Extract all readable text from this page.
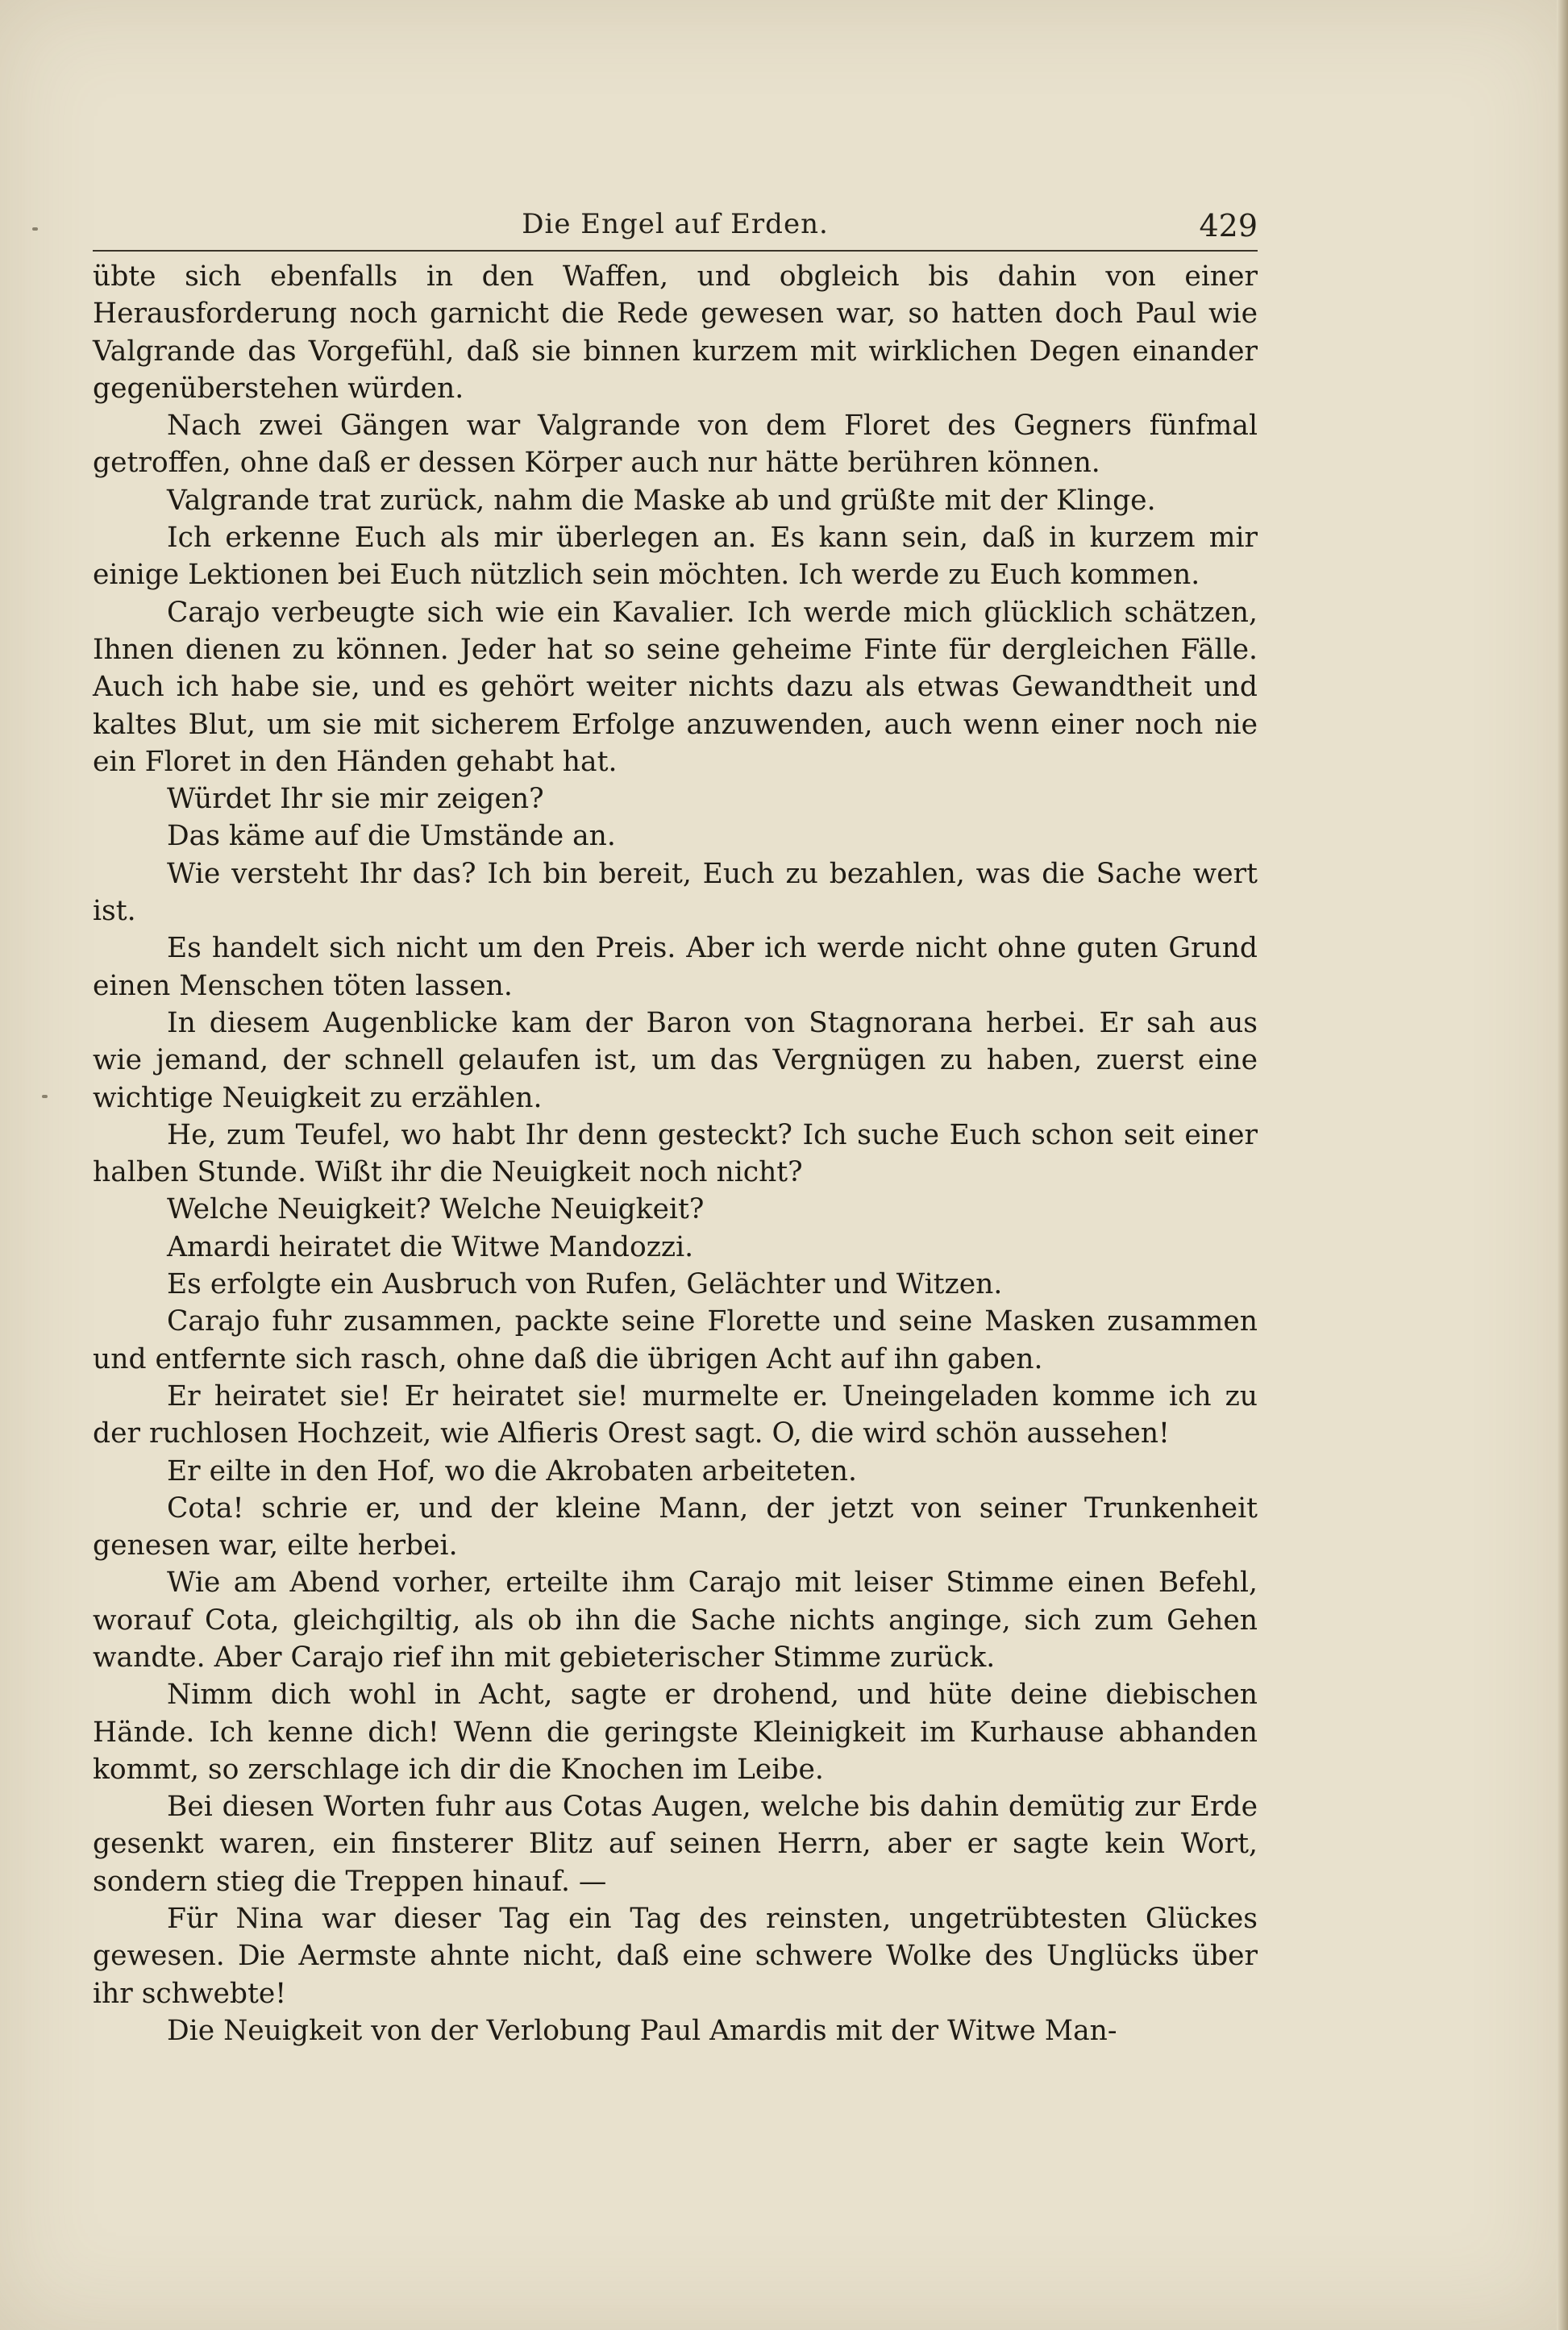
Die Engel auf Erden.	429

übte sich ebenfalls in den Waffen, und obgleich bis dahin von einer Herausforderung noch garnicht die Rede gewesen war, so hatten doch Paul wie Valgrande das Vorgefühl, daß sie binnen kurzem mit wirklichen Degen einander gegenüberstehen würden.

Nach zwei Gängen war Valgrande von dem Floret des Gegners fünfmal getroffen, ohne daß er dessen Körper auch nur hätte berühren können.

Valgrande trat zurück, nahm die Maske ab und grüßte mit der Klinge.

Ich erkenne Euch als mir überlegen an. Es kann sein, daß in kurzem mir einige Lektionen bei Euch nützlich sein möchten. Ich werde zu Euch kommen.

Carajo verbeugte sich wie ein Kavalier. Ich werde mich glücklich schätzen, Ihnen dienen zu können. Jeder hat so seine geheime Finte für dergleichen Fälle. Auch ich habe sie, und es gehört weiter nichts dazu als etwas Gewandtheit und kaltes Blut, um sie mit sicherem Erfolge anzuwenden, auch wenn einer noch nie ein Floret in den Händen gehabt hat.

Würdet Ihr sie mir zeigen?

Das käme auf die Umstände an.

Wie versteht Ihr das? Ich bin bereit, Euch zu bezahlen, was die Sache wert ist.

Es handelt sich nicht um den Preis. Aber ich werde nicht ohne guten Grund einen Menschen töten lassen.

In diesem Augenblicke kam der Baron von Stagnorana herbei. Er sah aus wie jemand, der schnell gelaufen ist, um das Vergnügen zu haben, zuerst eine wichtige Neuigkeit zu erzählen.

He, zum Teufel, wo habt Ihr denn gesteckt? Ich suche Euch schon seit einer halben Stunde. Wißt ihr die Neuigkeit noch nicht?

Welche Neuigkeit? Welche Neuigkeit?

Amardi heiratet die Witwe Mandozzi.

Es erfolgte ein Ausbruch von Rufen, Gelächter und Witzen.

Carajo fuhr zusammen, packte seine Florette und seine Masken zusammen und entfernte sich rasch, ohne daß die übrigen Acht auf ihn gaben.

Er heiratet sie! Er heiratet sie! murmelte er. Uneingeladen komme ich zu der ruchlosen Hochzeit, wie Alfieris Orest sagt. O, die wird schön aussehen!

Er eilte in den Hof, wo die Akrobaten arbeiteten.

Cota! schrie er, und der kleine Mann, der jetzt von seiner Trunkenheit genesen war, eilte herbei.

Wie am Abend vorher, erteilte ihm Carajo mit leiser Stimme einen Befehl, worauf Cota, gleichgiltig, als ob ihn die Sache nichts anginge, sich zum Gehen wandte. Aber Carajo rief ihn mit gebieterischer Stimme zurück.

Nimm dich wohl in Acht, sagte er drohend, und hüte deine diebischen Hände. Ich kenne dich! Wenn die geringste Kleinigkeit im Kurhause abhanden kommt, so zerschlage ich dir die Knochen im Leibe.

Bei diesen Worten fuhr aus Cotas Augen, welche bis dahin demütig zur Erde gesenkt waren, ein finsterer Blitz auf seinen Herrn, aber er sagte kein Wort, sondern stieg die Treppen hinauf. —

Für Nina war dieser Tag ein Tag des reinsten, ungetrübtesten Glückes gewesen. Die Aermste ahnte nicht, daß eine schwere Wolke des Unglücks über ihr schwebte!

Die Neuigkeit von der Verlobung Paul Amardis mit der Witwe Man-
